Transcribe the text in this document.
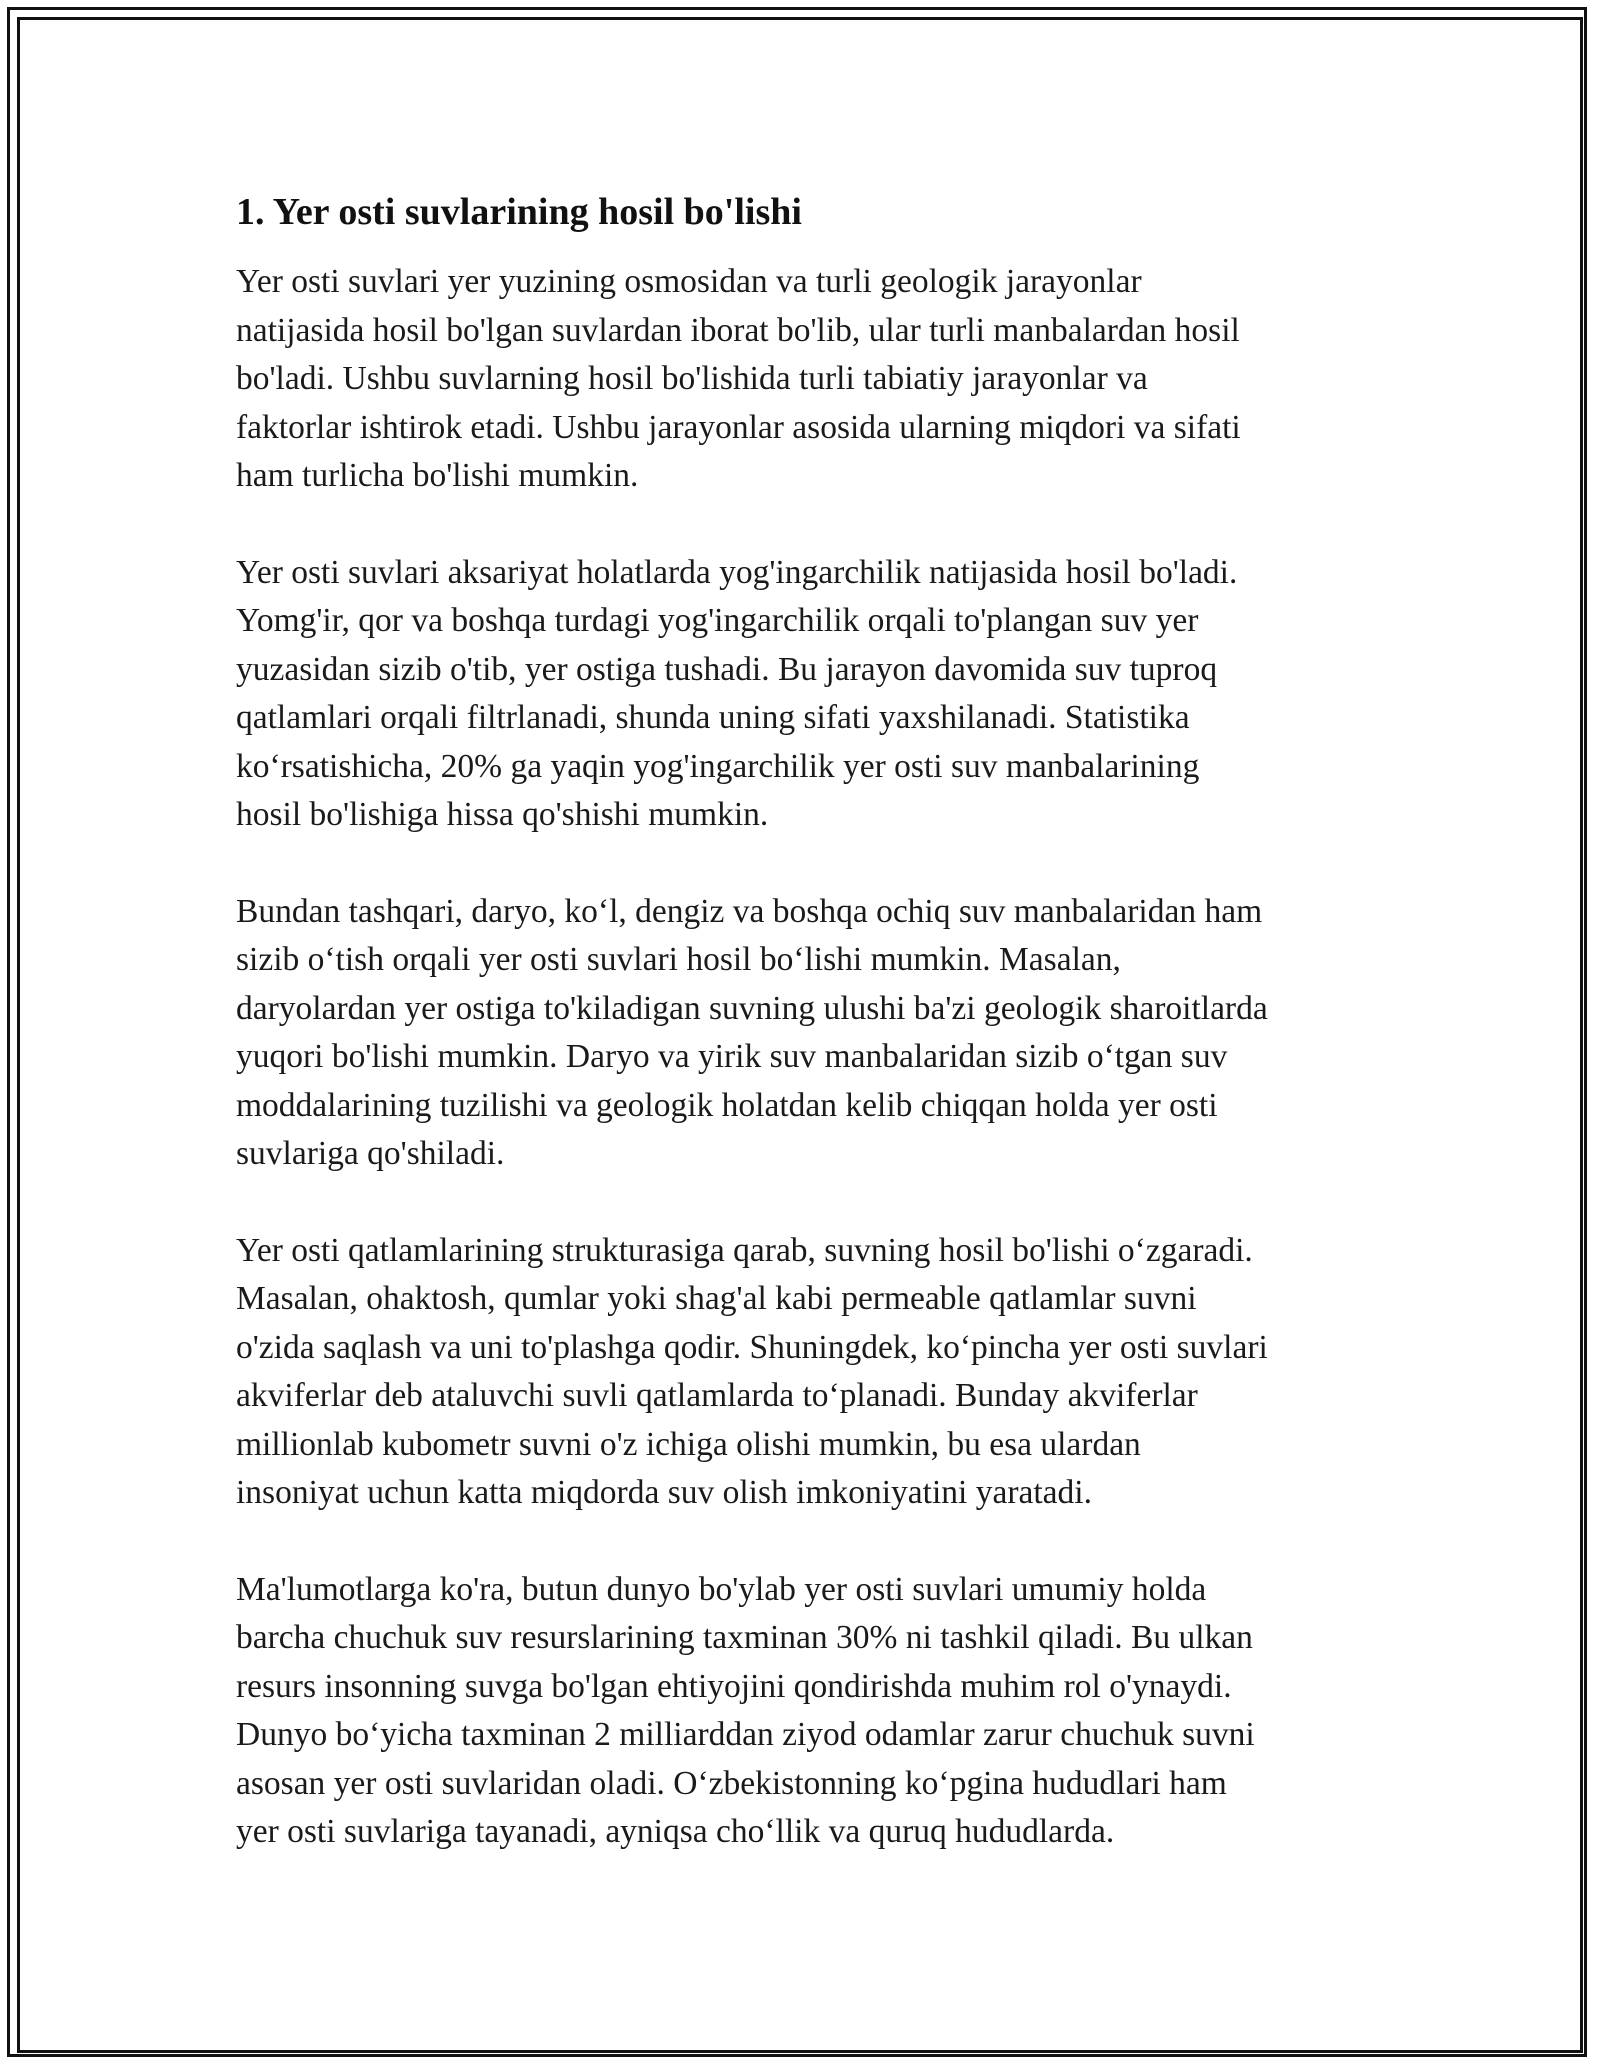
1. Yer osti suvlarining hosil bo'lishi

Yer osti suvlari yer yuzining osmosidan va turli geologik jarayonlar
natijasida hosil bo'lgan suvlardan iborat bo'lib, ular turli manbalardan hosil
bo'ladi. Ushbu suvlarning hosil bo'lishida turli tabiatiy jarayonlar va
faktorlar ishtirok etadi. Ushbu jarayonlar asosida ularning miqdori va sifati
ham turlicha bo'lishi mumkin.

Yer osti suvlari aksariyat holatlarda yog'ingarchilik natijasida hosil bo'ladi.
Yomg'ir, qor va boshqa turdagi yog'ingarchilik orqali to'plangan suv yer
yuzasidan sizib o'tib, yer ostiga tushadi. Bu jarayon davomida suv tuproq
qatlamlari orqali filtrlanadi, shunda uning sifati yaxshilanadi. Statistika
ko‘rsatishicha, 20% ga yaqin yog'ingarchilik yer osti suv manbalarining
hosil bo'lishiga hissa qo'shishi mumkin.

Bundan tashqari, daryo, ko‘l, dengiz va boshqa ochiq suv manbalaridan ham
sizib o‘tish orqali yer osti suvlari hosil bo‘lishi mumkin. Masalan,
daryolardan yer ostiga to'kiladigan suvning ulushi ba'zi geologik sharoitlarda
yuqori bo'lishi mumkin. Daryo va yirik suv manbalaridan sizib o‘tgan suv
moddalarining tuzilishi va geologik holatdan kelib chiqqan holda yer osti
suvlariga qo'shiladi.

Yer osti qatlamlarining strukturasiga qarab, suvning hosil bo'lishi o‘zgaradi.
Masalan, ohaktosh, qumlar yoki shag'al kabi permeable qatlamlar suvni
o'zida saqlash va uni to'plashga qodir. Shuningdek, ko‘pincha yer osti suvlari
akviferlar deb ataluvchi suvli qatlamlarda to‘planadi. Bunday akviferlar
millionlab kubometr suvni o'z ichiga olishi mumkin, bu esa ulardan
insoniyat uchun katta miqdorda suv olish imkoniyatini yaratadi.

Ma'lumotlarga ko'ra, butun dunyo bo'ylab yer osti suvlari umumiy holda
barcha chuchuk suv resurslarining taxminan 30% ni tashkil qiladi. Bu ulkan
resurs insonning suvga bo'lgan ehtiyojini qondirishda muhim rol o'ynaydi.
Dunyo bo‘yicha taxminan 2 milliarddan ziyod odamlar zarur chuchuk suvni
asosan yer osti suvlaridan oladi. O‘zbekistonning ko‘pgina hududlari ham
yer osti suvlariga tayanadi, ayniqsa cho‘llik va quruq hududlarda.
